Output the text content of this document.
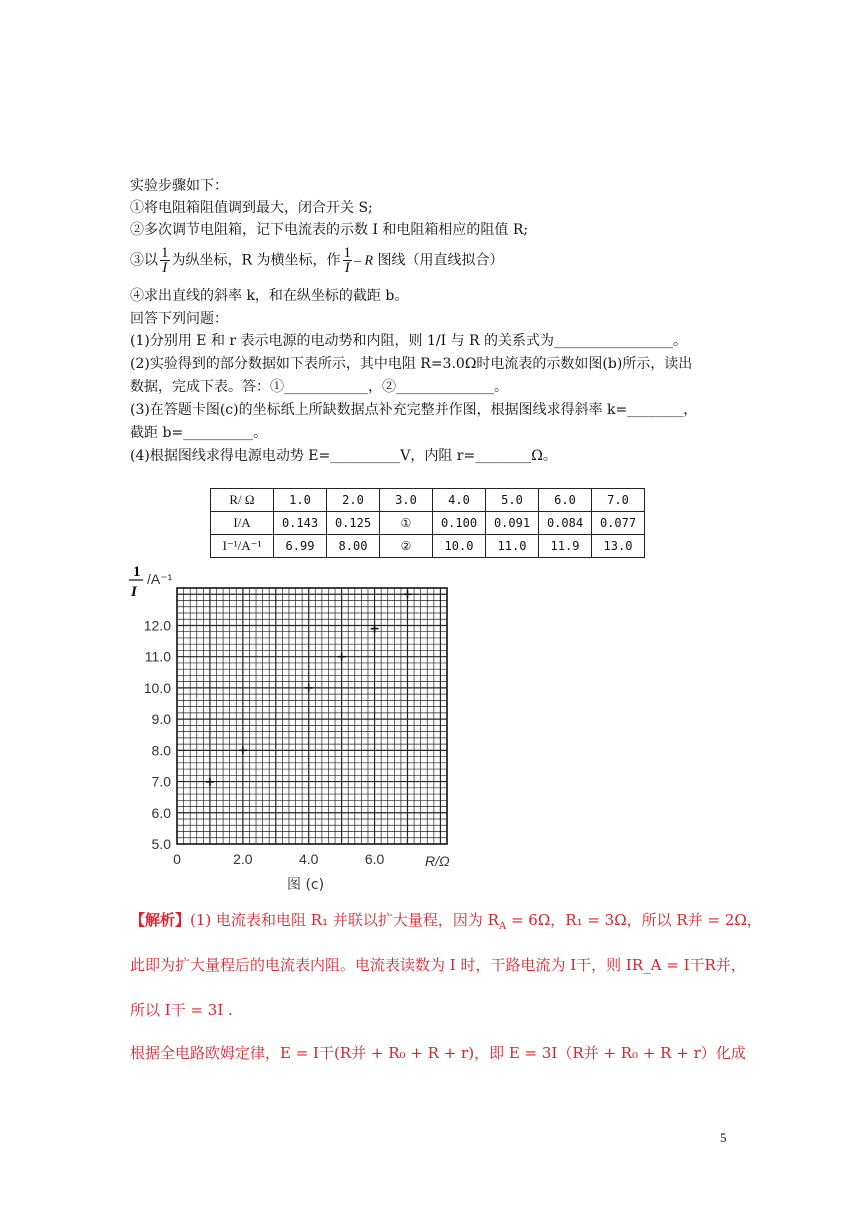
实验步骤如下：
①将电阻箱阻值调到最大，闭合开关 S;
②多次调节电阻箱，记下电流表的示数 I 和电阻箱相应的阻值 R;
③以 $\frac{1}{I}$ 为纵坐标，R 为横坐标，作 $\frac{1}{I}$ – R 图线（用直线拟合）
④求出直线的斜率 k，和在纵坐标的截距 b。
回答下列问题：
(1)分别用 E 和 r 表示电源的电动势和内阻，则 1/I 与 R 的关系式为_________________。
(2)实验得到的部分数据如下表所示，其中电阻 R=3.0Ω时电流表的示数如图(b)所示，读出
数据，完成下表。答：①____________，②______________。
(3)在答题卡图(c)的坐标纸上所缺数据点补充完整并作图，根据图线求得斜率 k=________，
截距 b=__________。
(4)根据图线求得电源电动势 E=__________V，内阻 r=________Ω。
R/ Ω	1.0	2.0	3.0	4.0	5.0	6.0	7.0
I/A	0.143	0.125	①	0.100	0.091	0.084	0.077
I⁻¹/A⁻¹	6.99	8.00	②	10.0	11.0	11.9	13.0
0	2.0	4.0	6.0
5.0
6.0
7.0
8.0
9.0
10.0
11.0
12.0
1
I
/A⁻¹
R/Ω
图 (c)
【解析】(1) 电流表和电阻 R₁ 并联以扩大量程，因为 $R_A = 6\Omega$，R₁ = 3Ω，所以 R并 = 2Ω，
此即为扩大量程后的电流表内阻。电流表读数为 I 时，干路电流为 I干，则 IR_A = I干R并，
所以 I干 = 3I .
根据全电路欧姆定律，E = I干(R并 + R₀ + R + r)，即 E = 3I（R并 + R₀ + R + r）化成
5
